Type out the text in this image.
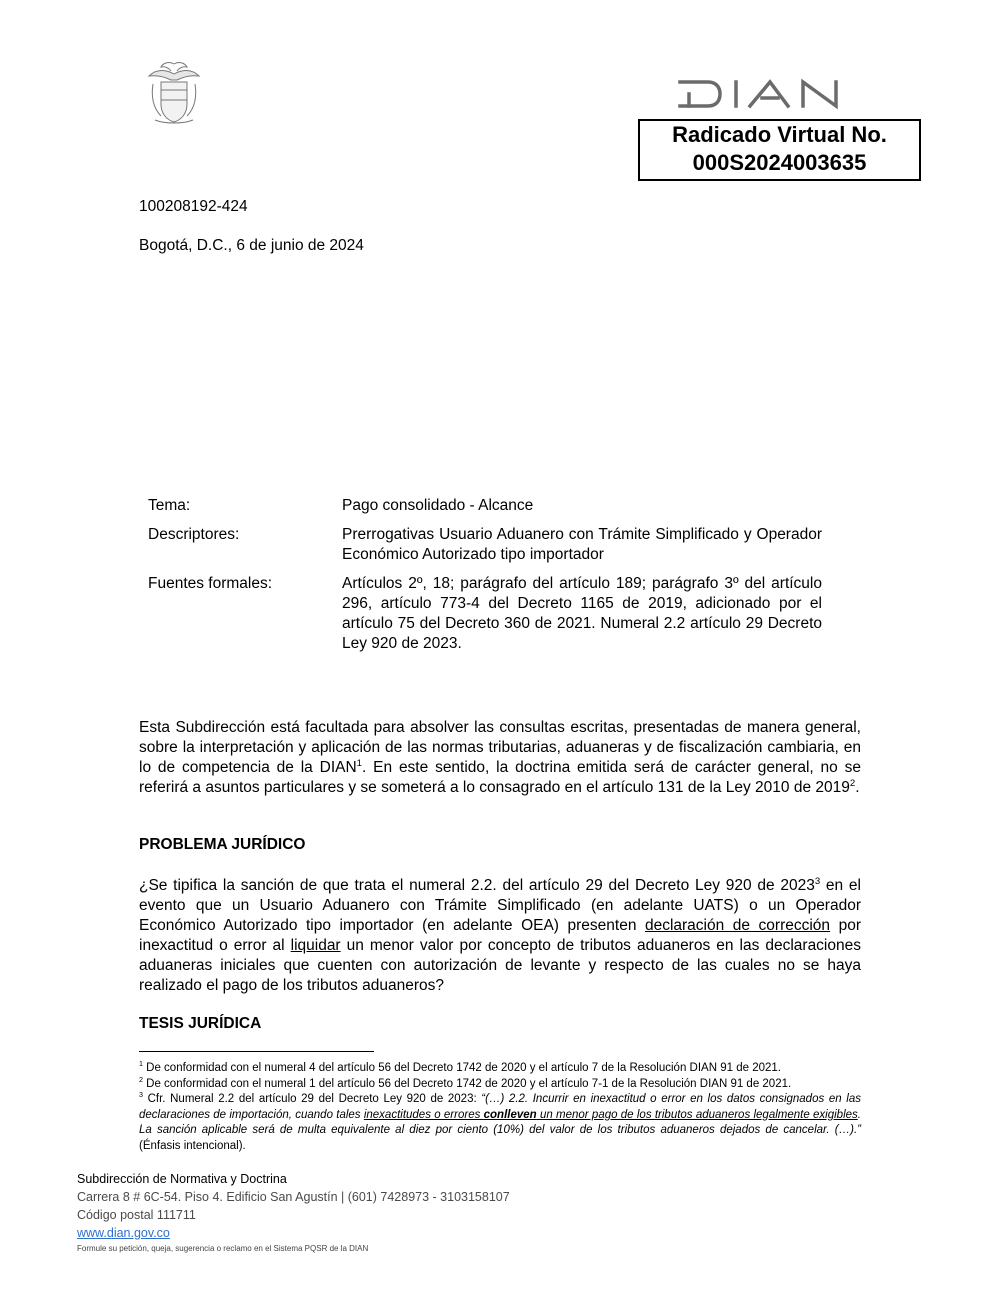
Radicado Virtual No.
000S2024003635
100208192-424
Bogotá, D.C., 6 de junio de 2024
Tema:	Pago consolidado - Alcance
Descriptores:	Prerrogativas Usuario Aduanero con Trámite Simplificado y Operador Económico Autorizado tipo importador
Fuentes formales:	Artículos 2º, 18; parágrafo del artículo 189; parágrafo 3º del artículo 296, artículo 773-4 del Decreto 1165 de 2019, adicionado por el artículo 75 del Decreto 360 de 2021. Numeral 2.2 artículo 29 Decreto Ley 920 de 2023.
Esta Subdirección está facultada para absolver las consultas escritas, presentadas de manera general, sobre la interpretación y aplicación de las normas tributarias, aduaneras y de fiscalización cambiaria, en lo de competencia de la DIAN$^1$. En este sentido, la doctrina emitida será de carácter general, no se referirá a asuntos particulares y se someterá a lo consagrado en el artículo 131 de la Ley 2010 de 2019$^2$.
PROBLEMA JURÍDICO
¿Se tipifica la sanción de que trata el numeral 2.2. del artículo 29 del Decreto Ley 920 de 2023$^3$ en el evento que un Usuario Aduanero con Trámite Simplificado (en adelante UATS) o un Operador Económico Autorizado tipo importador (en adelante OEA) presenten declaración de corrección por inexactitud o error al liquidar un menor valor por concepto de tributos aduaneros en las declaraciones aduaneras iniciales que cuenten con autorización de levante y respecto de las cuales no se haya realizado el pago de los tributos aduaneros?
TESIS JURÍDICA

$^1$ De conformidad con el numeral 4 del artículo 56 del Decreto 1742 de 2020 y el artículo 7 de la Resolución DIAN 91 de 2021.

$^2$ De conformidad con el numeral 1 del artículo 56 del Decreto 1742 de 2020 y el artículo 7-1 de la Resolución DIAN 91 de 2021.

$^3$ Cfr. Numeral 2.2 del artículo 29 del Decreto Ley 920 de 2023: “(…) 2.2. Incurrir en inexactitud o error en los datos consignados en las declaraciones de importación, cuando tales inexactitudes o errores conlleven un menor pago de los tributos aduaneros legalmente exigibles. La sanción aplicable será de multa equivalente al diez por ciento (10%) del valor de los tributos aduaneros dejados de cancelar. (…).” (Énfasis intencional).

Subdirección de Normativa y Doctrina
Carrera 8 # 6C-54. Piso 4. Edificio San Agustín | (601) 7428973 - 3103158107
Código postal 111711
www.dian.gov.co
Formule su petición, queja, sugerencia o reclamo en el Sistema PQSR de la DIAN
